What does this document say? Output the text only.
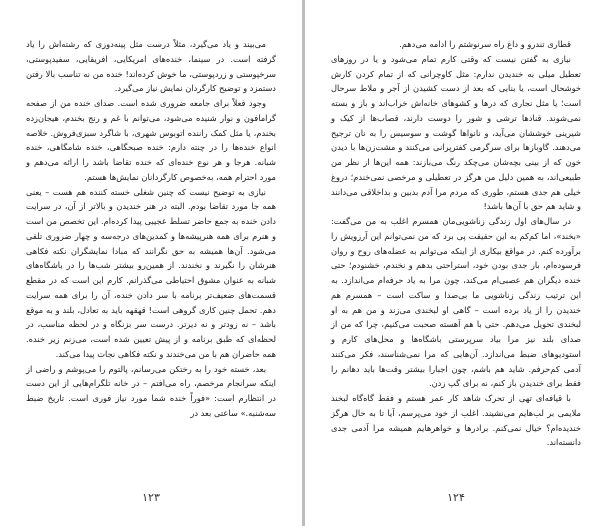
می‌بیند و یاد می‌گیرد، مثلاً درست مثل پینه‌دوزی که رشته‌اش را یاد گرفته است. در سینما، خنده‌های امریکایی، افریقایی، سفیدپوستی، سرخپوستی و زردپوستی، ما خوش کرده‌اند! خنده من نه تناسب بالا رفتن دستمزد و توضیح کارگردان نمایش نیاز می‌گیرد.

وجود فعلاً برای جامعه ضروری شده است. صدای خنده من از صفحه گرامافون و نوار شنیده می‌شود، می‌توانم با غم و رنج بخندم، هیجان‌زده بخندم، یا مثل کمک راننده اتوبوس شهری، با شاگرد سبزی‌فروش. خلاصه انواع خنده‌ها را در چنته دارم: خنده صبحگاهی، خنده شامگاهی، خنده شبانه. هرجا و هر نوع خنده‌ای که خنده تقاضا باشد را ارائه می‌دهم و مورد احترام همه، به‌خصوص کارگردانان نمایش‌ها هستم.

نیازی به توضیح نیست که چنین شغلی خسته کننده هم هست – یعنی همه جا مورد تقاضا بودم. البته در هنر خندیدن و بالاتر از آن، در سرایت دادن خنده به جمع حاضر تسلط عجیبی پیدا کرده‌ام. این تخصص من است و هنرم برای همه هنرپیشه‌ها و کمدین‌های درجه‌سه و چهار ضروری تلقی می‌شود. آن‌ها همیشه به حق نگرانند که مبادا نمایشگران نکته فکاهی هنرشان را نگیرند و نخندند. از همین‌رو بیشتر شب‌ها را در باشگاه‌های شبانه به عنوان مشوق احتیاطی می‌گذرانم. کارم این است که در مقطع قسمت‌های ضعیف‌تر برنامه با سر دادن خنده، آن را برای همه سرایت دهم. تحمل چنین کاری گروهی است! قهقهه باید به تعادل، بلند و به موقع باشد – نه زودتر و نه دیرتر. درست سر بزنگاه و در لحظه مناسب، در لحظه‌ای که طبق برنامه و از پیش تعیین شده است، می‌زنم زیر خنده. همه حاضران هم با من می‌خندند و نکته فکاهی نجات پیدا می‌کند.

بعد، خسته خود را به رختکن می‌رسانم، پالتوم را می‌پوشم و راضی از اینکه سرانجام مرخصم، راه می‌افتم – در خانه تلگرام‌هایی از این دست در انتظارم است: «فوراً خنده شما مورد نیاز فوری است. تاریخ ضبط سه‌شنبه.» ساعتی بعد در

۱۲۳

قطاری تندرو و داغ راه سرنوشتم را ادامه می‌دهم.

نیازی به گفتن نیست که وقتی کارم تمام می‌شود و یا در روزهای تعطیل میلی به خندیدن ندارم: مثل کاوچرانی که از تمام کردن کارش خوشحال است، یا بنایی که بعد از دست کشیدن از آجر و ملاط سرحال است؛ یا مثل نجاری که درها و کشوهای خانه‌اش خراب‌اند و باز و بسته نمی‌شوند. قنادها ترشی و شور را دوست دارند، قصاب‌ها از کیک و شیرینی خوششان می‌آید، و نانواها گوشت و سوسیس را به نان ترجیح می‌دهند. گاوبازها برای سرگرمی کفترپرانی می‌کنند و مشت‌زن‌ها با دیدن خون که از بینی بچه‌شان می‌چکد رنگ می‌بازند: همه این‌ها از نظر من طبیعی‌اند، به همین دلیل من هرگز در تعطیلی و مرخصی نمی‌خندم؛ دروغ خیلی هم جدی هستم، طوری که مردم مرا آدم بدبین و بداخلاقی می‌دانند و شاید هم حق با آن‌ها باشد!

در سال‌های اول زندگی زناشویی‌مان همسرم اغلب به من می‌گفت: «بخند»، اما کم‌کم به این حقیقت پی برد که من نمی‌توانم این آرزویش را برآورده کنم. در مواقع بیکاری از اینکه می‌توانم به عضله‌های روح و روان فرسوده‌ام، بار جدی بودن خود، استراحتی بدهم و نخندم، خشنودم؛ حتی خنده دیگران هم عصبی‌ام می‌کند، چون مرا به یاد حرفه‌ام می‌اندازد. به این ترتیب زندگی زناشویی ما بی‌صدا و ساکت است – همسرم هم خندیدن را از یاد برده است – گاهی او لبخندی می‌زند و من هم به او لبخندی تحویل می‌دهم. حتی با هم آهسته صحبت می‌کنیم، چرا که من از صدای بلند نیز مرا بیاد سرپرستی باشگاه‌ها و محل‌های کارم و استودیوهای ضبط می‌اندازد. آن‌هایی که مرا نمی‌شناسند، فکر می‌کنند آدمی کم‌حرفم. شاید هم باشم، چون اجبارا بیشتر وقت‌ها باید دهانم را فقط برای خندیدن باز کنم، نه برای گپ زدن.

با قیافه‌ای تهی از تحرک شاهد کار عمر هستم و فقط گاه‌گاه لبخند ملایمی بر لب‌هایم می‌نشیند. اغلب از خود می‌پرسم، آیا تا به حال هرگز خندیده‌ام؟ خیال نمی‌کنم. برادرها و خواهرهایم همیشه مرا آدمی جدی دانسته‌اند.

۱۲۴
